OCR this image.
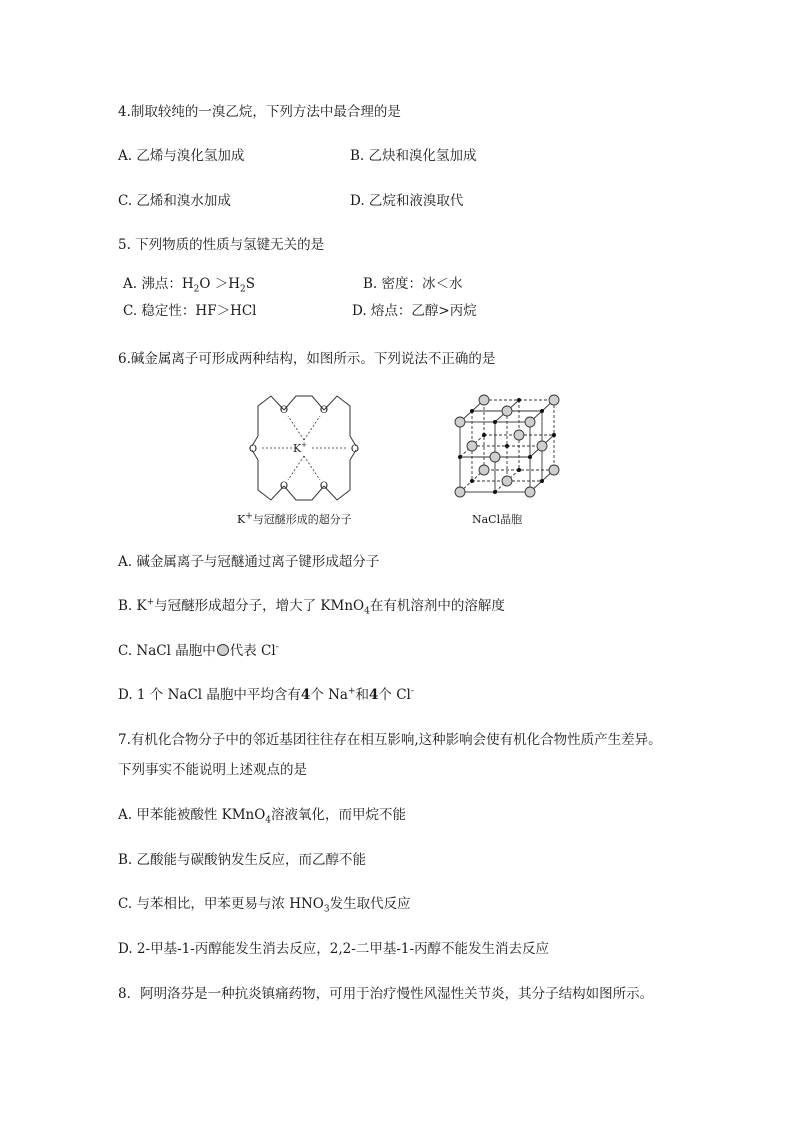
4.制取较纯的一溴乙烷，下列方法中最合理的是
A. 乙烯与溴化氢加成	B. 乙炔和溴化氢加成
C. 乙烯和溴水加成	D. 乙烷和液溴取代
5. 下列物质的性质与氢键无关的是
A. 沸点：$H_2O >H_2S$	B. 密度：冰＜水
C. 稳定性：HF＞HCl	D. 熔点：乙醇>丙烷
6.碱金属离子可形成两种结构，如图所示。下列说法不正确的是
O	O
O	O
O	O
K+
K+与冠醚形成的超分子	NaCl晶胞
A. 碱金属离子与冠醚通过离子键形成超分子
B. K+与冠醚形成超分子，增大了 KMnO$_4$在有机溶剂中的溶解度
C. NaCl 晶胞中 代表 Cl-
D. 1 个 NaCl 晶胞中平均含有4个 Na+和4个 Cl-
7.有机化合物分子中的邻近基团往往存在相互影响,这种影响会使有机化合物性质产生差异。
下列事实不能说明上述观点的是
A. 甲苯能被酸性 KMnO$_4$溶液氧化，而甲烷不能
B. 乙酸能与碳酸钠发生反应，而乙醇不能
C. 与苯相比，甲苯更易与浓 $HNO_3$发生取代反应
D. 2-甲基-1-丙醇能发生消去反应，2,2-二甲基-1-丙醇不能发生消去反应
8．阿明洛芬是一种抗炎镇痛药物，可用于治疗慢性风湿性关节炎，其分子结构如图所示。
